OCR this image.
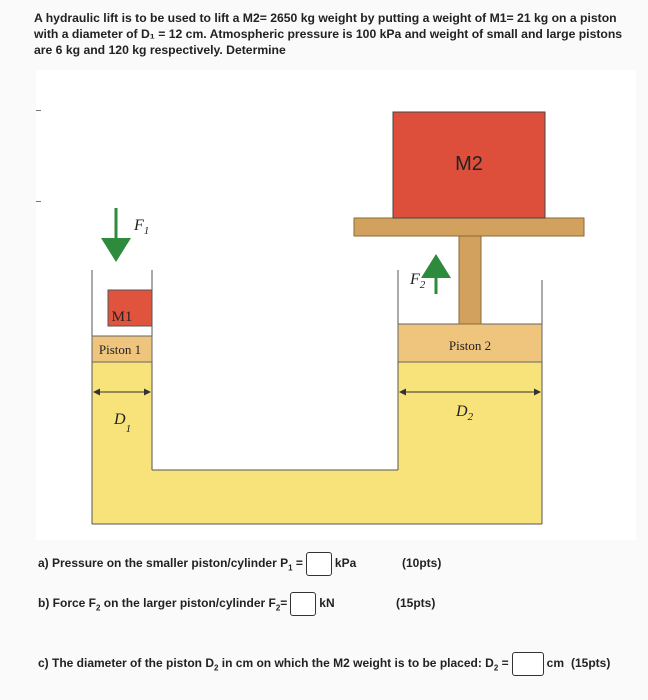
A hydraulic lift is to be used to lift a M2= 2650 kg weight by putting a weight of M1= 21 kg on a piston with a diameter of D₁ = 12 cm. Atmospheric pressure is 100 kPa and weight of small and large pistons are 6 kg and 120 kg respectively. Determine
M2
M1
Piston 1	Piston 2
$F_1$
$F_2$
$D_1$
$D_2$
a) Pressure on the smaller piston/cylinder $P_1$ =	kPa	(10pts)
b) Force $F_2$ on the larger piston/cylinder $F_2=$	kN	(15pts)
c) The diameter of the piston $D_2$ in cm on which the M2 weight is to be placed: $D_2$ =	cm (15pts)
